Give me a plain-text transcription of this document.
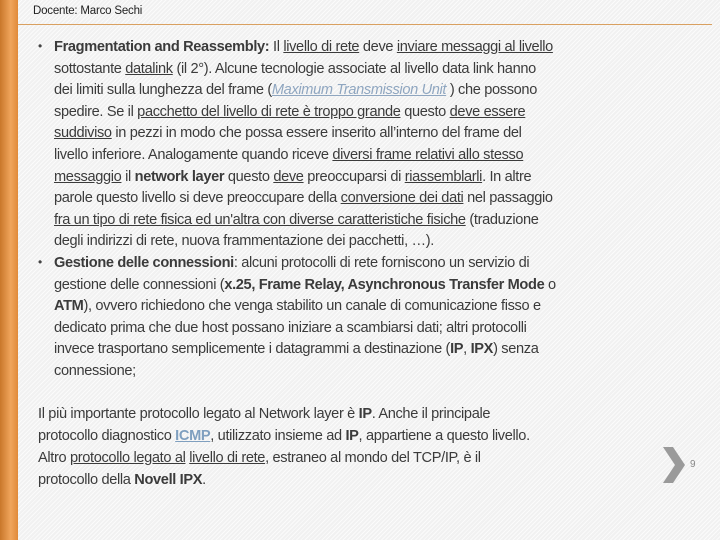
Docente: Marco Sechi
Fragmentation and Reassembly: Il livello di rete deve inviare messaggi al livello
•
sottostante datalink (il 2°). Alcune tecnologie associate al livello data link hanno
dei limiti sulla lunghezza del frame (Maximum Transmission Unit ) che possono
spedire. Se il pacchetto del livello di rete è troppo grande questo deve essere
suddiviso in pezzi in modo che possa essere inserito all’interno del frame del
livello inferiore. Analogamente quando riceve diversi frame relativi allo stesso
messaggio il network layer questo deve preoccuparsi di riassemblarli. In altre
parole questo livello si deve preoccupare della conversione dei dati nel passaggio
fra un tipo di rete fisica ed un'altra con diverse caratteristiche fisiche (traduzione
degli indirizzi di rete, nuova frammentazione dei pacchetti, …).
Gestione delle connessioni: alcuni protocolli di rete forniscono un servizio di
•
gestione delle connessioni (x.25, Frame Relay, Asynchronous Transfer Mode o
ATM), ovvero richiedono che venga stabilito un canale di comunicazione fisso e
dedicato prima che due host possano iniziare a scambiarsi dati; altri protocolli
invece trasportano semplicemente i datagrammi a destinazione (IP, IPX) senza
connessione;
Il più importante protocollo legato al Network layer è IP. Anche il principale
protocollo diagnostico ICMP, utilizzato insieme ad IP, appartiene a questo livello.
Altro protocollo legato al livello di rete, estraneo al mondo del TCP/IP, è il
protocollo della Novell IPX.
9
